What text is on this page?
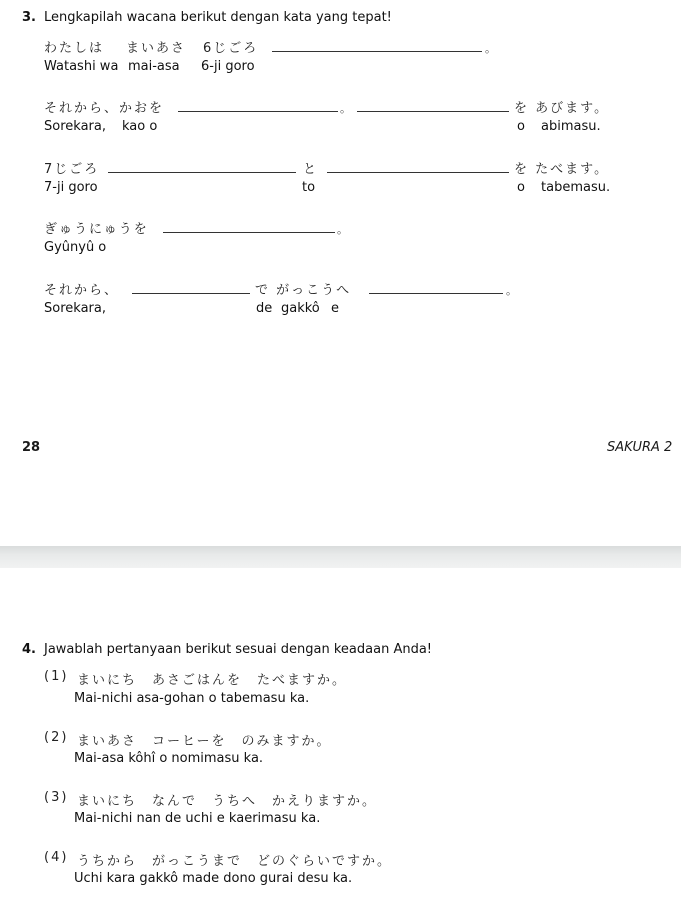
3. Lengkapilah wacana berikut dengan kata yang tepat!
わたしは まいあさ 6じごろ	。
Watashi wa mai-asa 6-ji goro
それから、かおを	。	を あびます。
Sorekara, kao o	o abimasu.
7じごろ	と	を たべます。
7-ji goro	to	o tabemasu.
ぎゅうにゅうを	。
Gyûnyû o
それから、	で がっこうへ	。
Sorekara,	de gakkô e
28	SAKURA 2
4. Jawablah pertanyaan berikut sesuai dengan keadaan Anda!
(1) まいにち　あさごはんを　たべますか。
Mai-nichi asa-gohan o tabemasu ka.
(2) まいあさ　コーヒーを　のみますか。
Mai-asa kôhî o nomimasu ka.
(3) まいにち　なんで　うちへ　かえりますか。
Mai-nichi nan de uchi e kaerimasu ka.
(4) うちから　がっこうまで　どのぐらいですか。
Uchi kara gakkô made dono gurai desu ka.
